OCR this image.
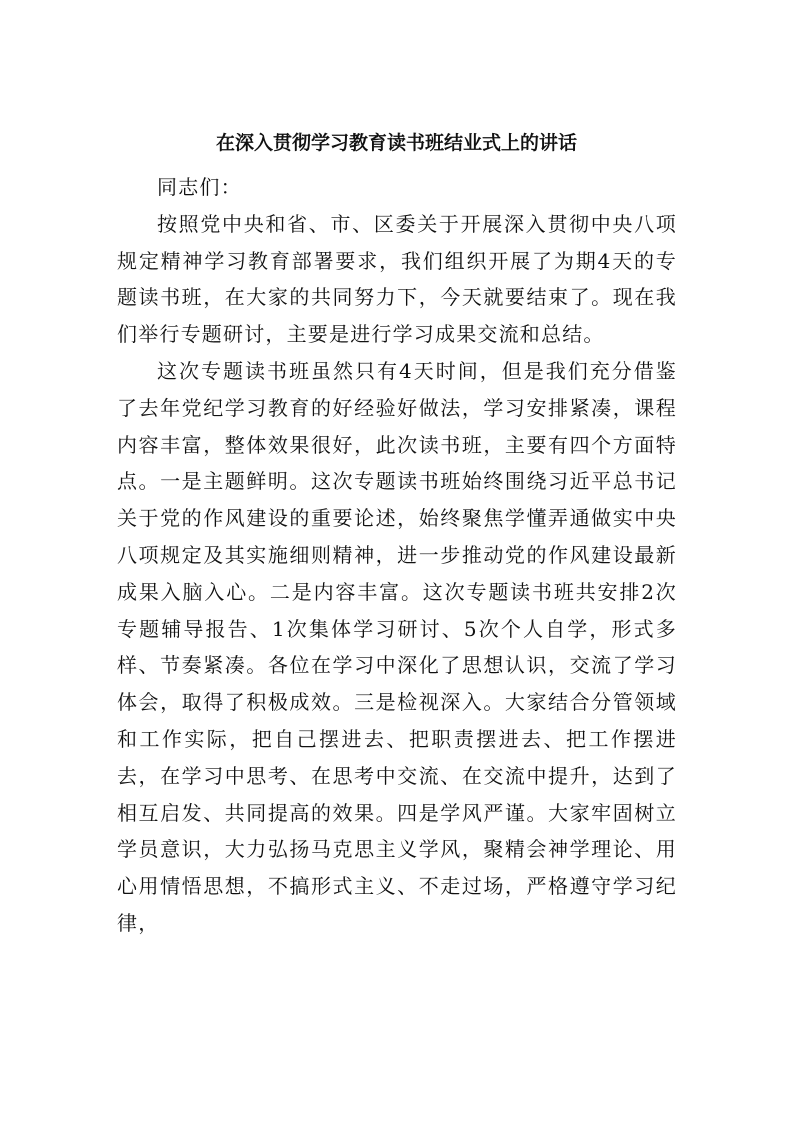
在深入贯彻学习教育读书班结业式上的讲话

同志们：

按照党中央和省、市、区委关于开展深入贯彻中央八项规定精神学习教育部署要求，我们组织开展了为期4天的专题读书班，在大家的共同努力下，今天就要结束了。现在我们举行专题研讨，主要是进行学习成果交流和总结。

这次专题读书班虽然只有4天时间，但是我们充分借鉴了去年党纪学习教育的好经验好做法，学习安排紧凑，课程内容丰富，整体效果很好，此次读书班，主要有四个方面特点。一是主题鲜明。这次专题读书班始终围绕习近平总书记关于党的作风建设的重要论述，始终聚焦学懂弄通做实中央八项规定及其实施细则精神，进一步推动党的作风建设最新成果入脑入心。二是内容丰富。这次专题读书班共安排2次专题辅导报告、1次集体学习研讨、5次个人自学，形式多样、节奏紧凑。各位在学习中深化了思想认识，交流了学习体会，取得了积极成效。三是检视深入。大家结合分管领域和工作实际，把自己摆进去、把职责摆进去、把工作摆进去，在学习中思考、在思考中交流、在交流中提升，达到了相互启发、共同提高的效果。四是学风严谨。大家牢固树立学员意识，大力弘扬马克思主义学风，聚精会神学理论、用心用情悟思想，不搞形式主义、不走过场，严格遵守学习纪律，
